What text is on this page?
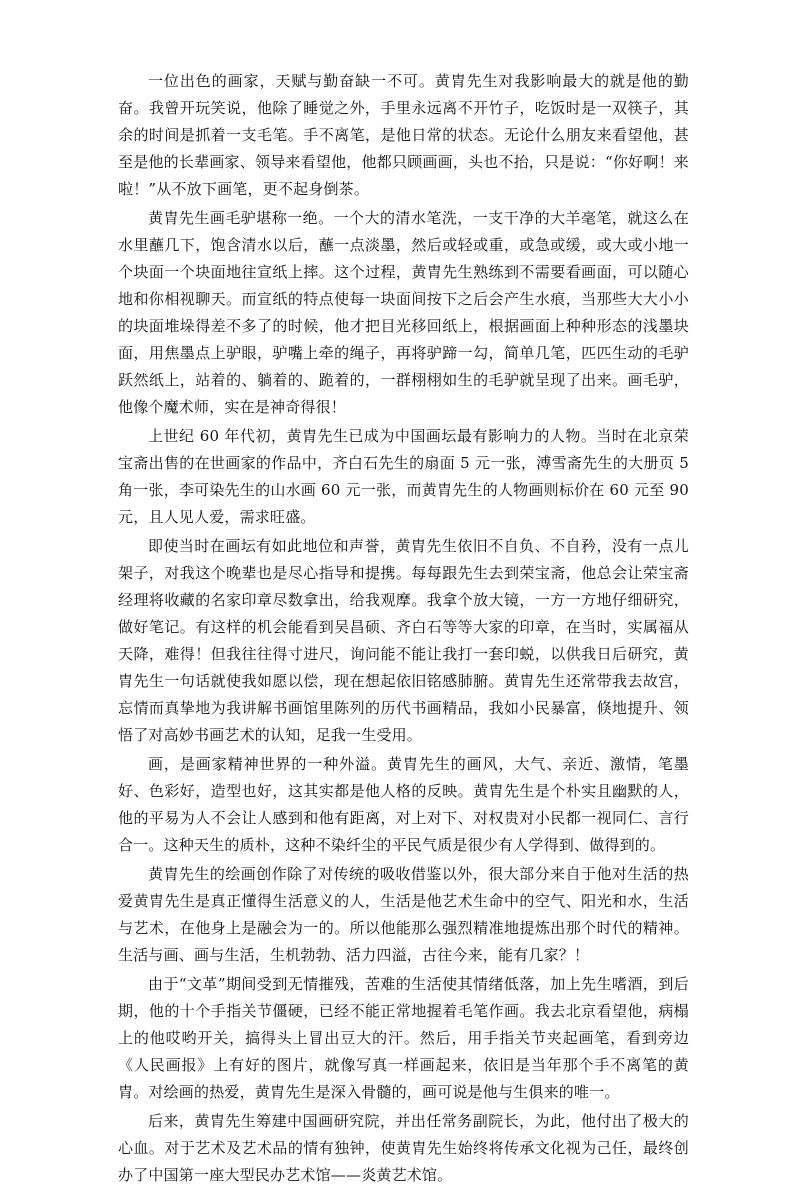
一位出色的画家，天赋与勤奋缺一不可。黄胄先生对我影响最大的就是他的勤奋。我曾开玩笑说，他除了睡觉之外，手里永远离不开竹子，吃饭时是一双筷子，其余的时间是抓着一支毛笔。手不离笔，是他日常的状态。无论什么朋友来看望他，甚至是他的长辈画家、领导来看望他，他都只顾画画，头也不抬，只是说：“你好啊！来啦！”从不放下画笔，更不起身倒茶。

黄胄先生画毛驴堪称一绝。一个大的清水笔洗，一支干净的大羊毫笔，就这么在水里蘸几下，饱含清水以后，蘸一点淡墨，然后或轻或重，或急或缓，或大或小地一个块面一个块面地往宣纸上摔。这个过程，黄胄先生熟练到不需要看画面，可以随心地和你相视聊天。而宣纸的特点使每一块面间按下之后会产生水痕，当那些大大小小的块面堆垛得差不多了的时候，他才把目光移回纸上，根据画面上种种形态的浅墨块面，用焦墨点上驴眼，驴嘴上牵的绳子，再将驴蹄一勾，简单几笔，匹匹生动的毛驴跃然纸上，站着的、躺着的、跪着的，一群栩栩如生的毛驴就呈现了出来。画毛驴，他像个魔术师，实在是神奇得很！

上世纪 60 年代初，黄胄先生已成为中国画坛最有影响力的人物。当时在北京荣宝斋出售的在世画家的作品中，齐白石先生的扇面 5 元一张，溥雪斋先生的大册页 5 角一张，李可染先生的山水画 60 元一张，而黄胄先生的人物画则标价在 60 元至 90 元，且人见人爱，需求旺盛。

即使当时在画坛有如此地位和声誉，黄胄先生依旧不自负、不自矜，没有一点儿架子，对我这个晚辈也是尽心指导和提携。每每跟先生去到荣宝斋，他总会让荣宝斋经理将收藏的名家印章尽数拿出，给我观摩。我拿个放大镜，一方一方地仔细研究，做好笔记。有这样的机会能看到吴昌硕、齐白石等等大家的印章，在当时，实属福从天降，难得！但我往往得寸进尺，询问能不能让我打一套印蜕，以供我日后研究，黄胄先生一句话就使我如愿以偿，现在想起依旧铭感肺腑。黄胄先生还常带我去故宫，忘情而真挚地为我讲解书画馆里陈列的历代书画精品，我如小民暴富，倏地提升、领悟了对高妙书画艺术的认知，足我一生受用。

画，是画家精神世界的一种外溢。黄胄先生的画风，大气、亲近、激情，笔墨好、色彩好，造型也好，这其实都是他人格的反映。黄胄先生是个朴实且幽默的人，他的平易为人不会让人感到和他有距离，对上对下、对权贵对小民都一视同仁、言行合一。这种天生的质朴，这种不染纤尘的平民气质是很少有人学得到、做得到的。

黄胄先生的绘画创作除了对传统的吸收借鉴以外，很大部分来自于他对生活的热爱黄胄先生是真正懂得生活意义的人，生活是他艺术生命中的空气、阳光和水，生活与艺术，在他身上是融会为一的。所以他能那么强烈精准地提炼出那个时代的精神。生活与画、画与生活，生机勃勃、活力四溢，古往今来，能有几家？！

由于“文革”期间受到无情摧残，苦难的生活使其情绪低落，加上先生嗜酒，到后期，他的十个手指关节僵硬，已经不能正常地握着毛笔作画。我去北京看望他，病榻上的他哎哟开关，搞得头上冒出豆大的汗。然后，用手指关节夹起画笔，看到旁边《人民画报》上有好的图片，就像写真一样画起来，依旧是当年那个手不离笔的黄胄。对绘画的热爱，黄胄先生是深入骨髓的，画可说是他与生俱来的唯一。

后来，黄胄先生筹建中国画研究院，并出任常务副院长，为此，他付出了极大的心血。对于艺术及艺术品的情有独钟，使黄胄先生始终将传承文化视为己任，最终创办了中国第一座大型民办艺术馆——炎黄艺术馆。
